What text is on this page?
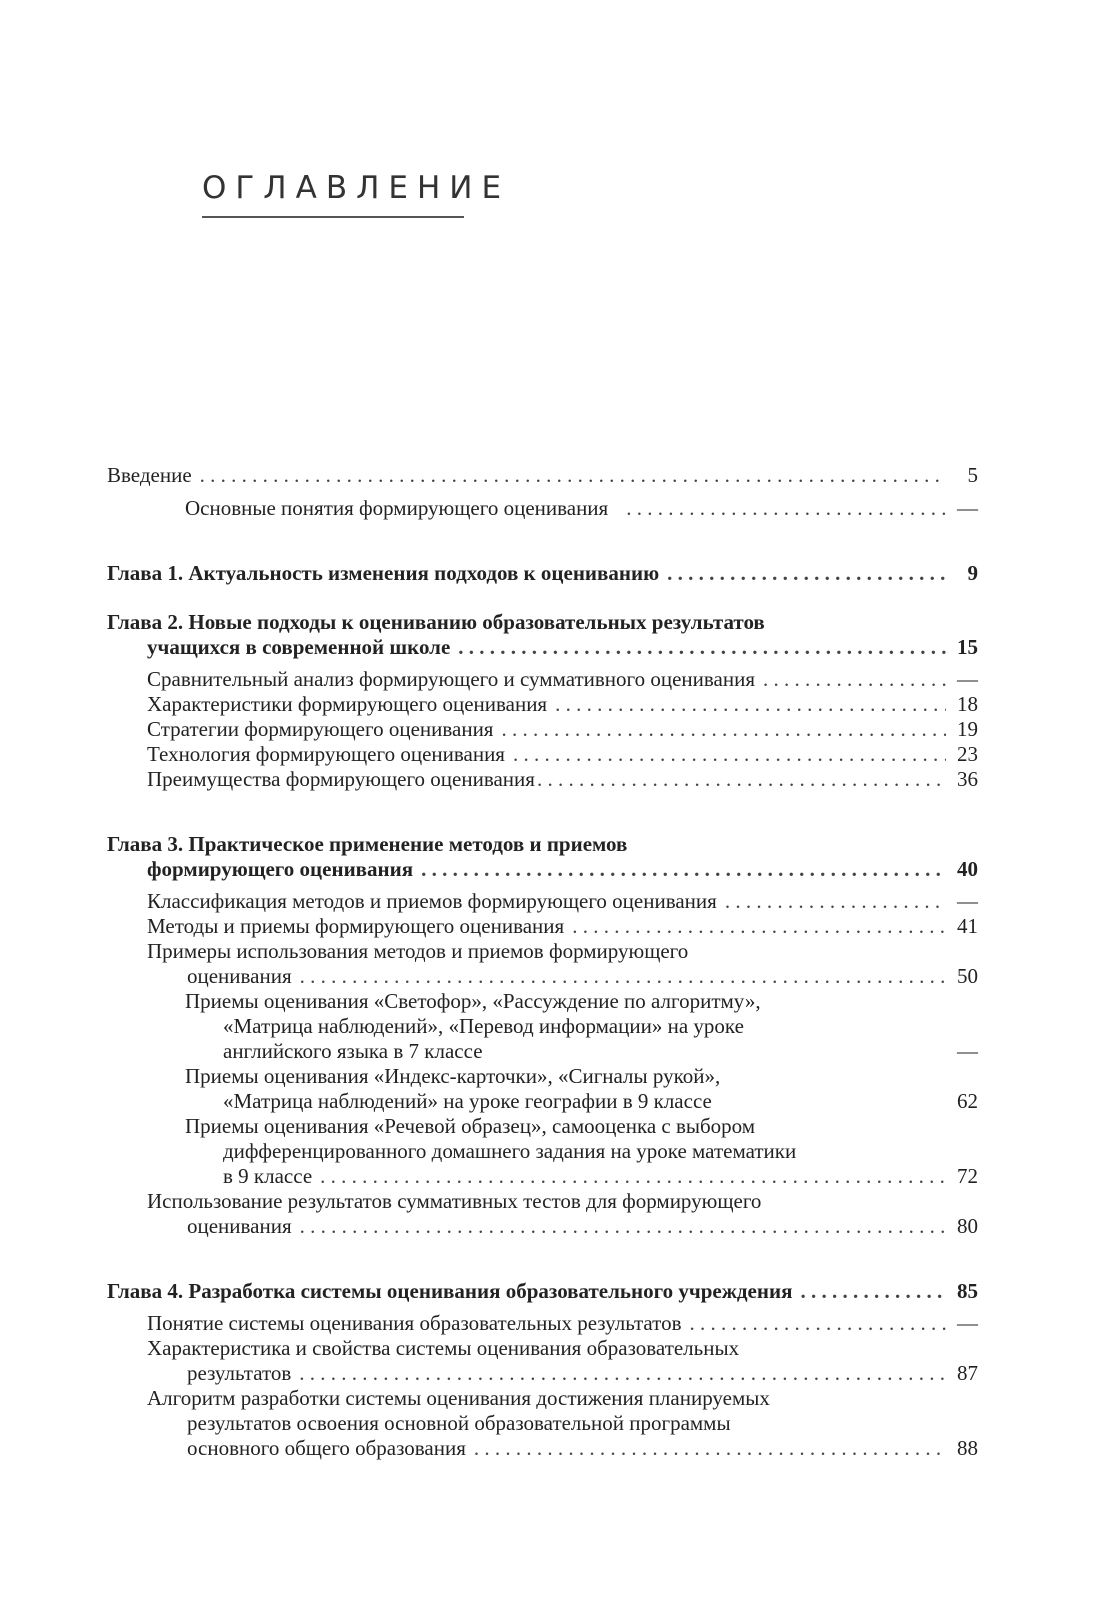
ОГЛАВЛЕНИЕ
Введение . . .	5
Основные понятия формирующего оценивания . . .	—
Глава 1. Актуальность изменения подходов к оцениванию . . .	9
Глава 2. Новые подходы к оцениванию образовательных результатов
учащихся в современной школе . . .	15
Сравнительный анализ формирующего и суммативного оценивания . . .	—
Характеристики формирующего оценивания . . .	18
Стратегии формирующего оценивания . . .	19
Технология формирующего оценивания . . .	23
Преимущества формирующего оценивания . . .	36
Глава 3. Практическое применение методов и приемов
формирующего оценивания . . .	40
Классификация методов и приемов формирующего оценивания . . .	—
Методы и приемы формирующего оценивания . . .	41
Примеры использования методов и приемов формирующего
оценивания . . .	50
Приемы оценивания «Светофор», «Рассуждение по алгоритму»,
«Матрица наблюдений», «Перевод информации» на уроке
английского языка в 7 классе	—
Приемы оценивания «Индекс-карточки», «Сигналы рукой»,
«Матрица наблюдений» на уроке географии в 9 классе	62
Приемы оценивания «Речевой образец», самооценка с выбором
дифференцированного домашнего задания на уроке математики
в 9 классе . . .	72
Использование результатов суммативных тестов для формирующего
оценивания . . .	80
Глава 4. Разработка системы оценивания образовательного учреждения . . .	85
Понятие системы оценивания образовательных результатов . . .	—
Характеристика и свойства системы оценивания образовательных
результатов . . .	87
Алгоритм разработки системы оценивания достижения планируемых
результатов освоения основной образовательной программы
основного общего образования . . .	88
